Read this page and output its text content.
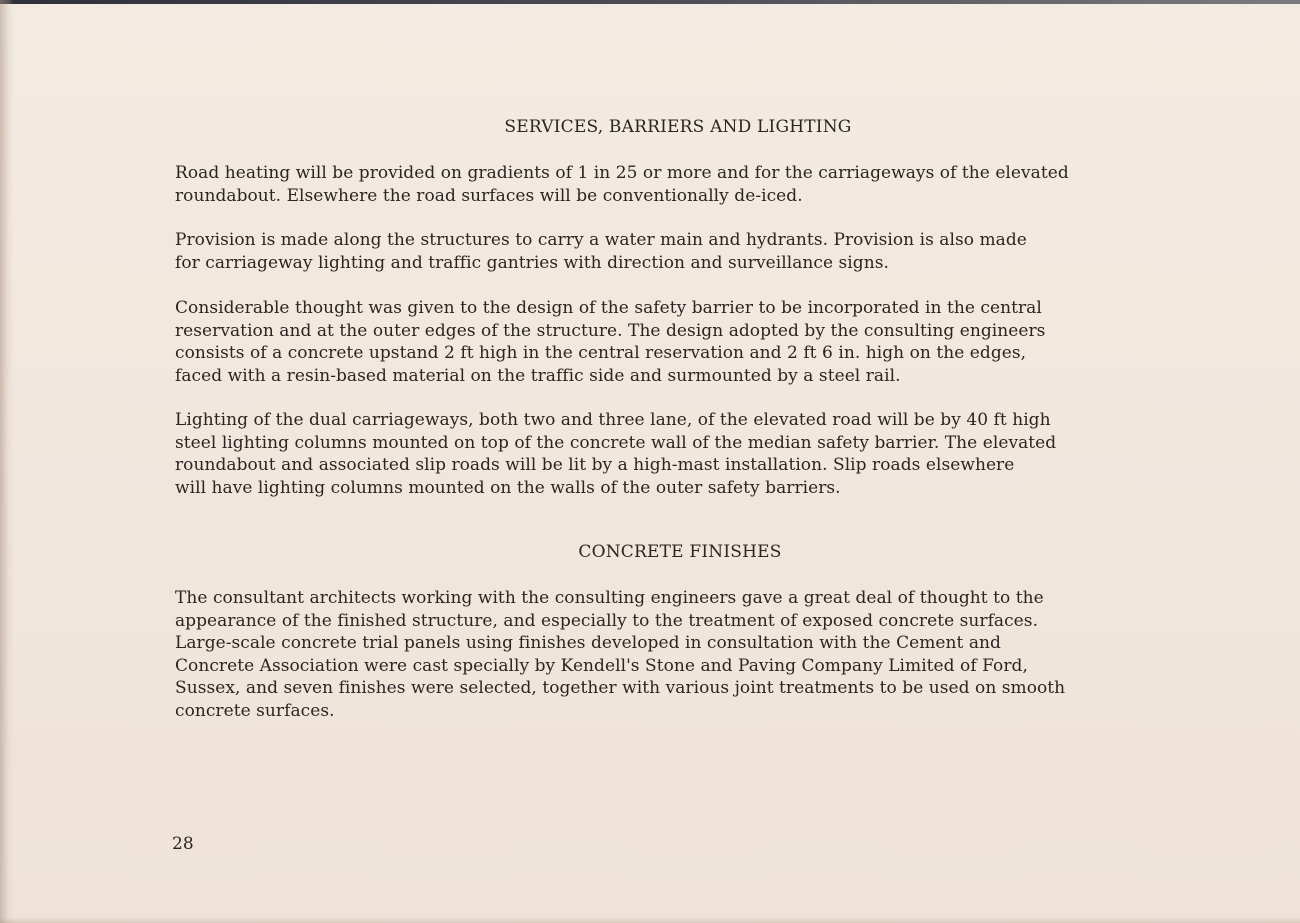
SERVICES, BARRIERS AND LIGHTING

Road heating will be provided on gradients of 1 in 25 or more and for the carriageways of the elevated
roundabout. Elsewhere the road surfaces will be conventionally de-iced.

Provision is made along the structures to carry a water main and hydrants. Provision is also made
for carriageway lighting and traffic gantries with direction and surveillance signs.

Considerable thought was given to the design of the safety barrier to be incorporated in the central
reservation and at the outer edges of the structure. The design adopted by the consulting engineers
consists of a concrete upstand 2 ft high in the central reservation and 2 ft 6 in. high on the edges,
faced with a resin-based material on the traffic side and surmounted by a steel rail.

Lighting of the dual carriageways, both two and three lane, of the elevated road will be by 40 ft high
steel lighting columns mounted on top of the concrete wall of the median safety barrier. The elevated
roundabout and associated slip roads will be lit by a high-mast installation. Slip roads elsewhere
will have lighting columns mounted on the walls of the outer safety barriers.

CONCRETE FINISHES

The consultant architects working with the consulting engineers gave a great deal of thought to the
appearance of the finished structure, and especially to the treatment of exposed concrete surfaces.
Large-scale concrete trial panels using finishes developed in consultation with the Cement and
Concrete Association were cast specially by Kendell's Stone and Paving Company Limited of Ford,
Sussex, and seven finishes were selected, together with various joint treatments to be used on smooth
concrete surfaces.

28
